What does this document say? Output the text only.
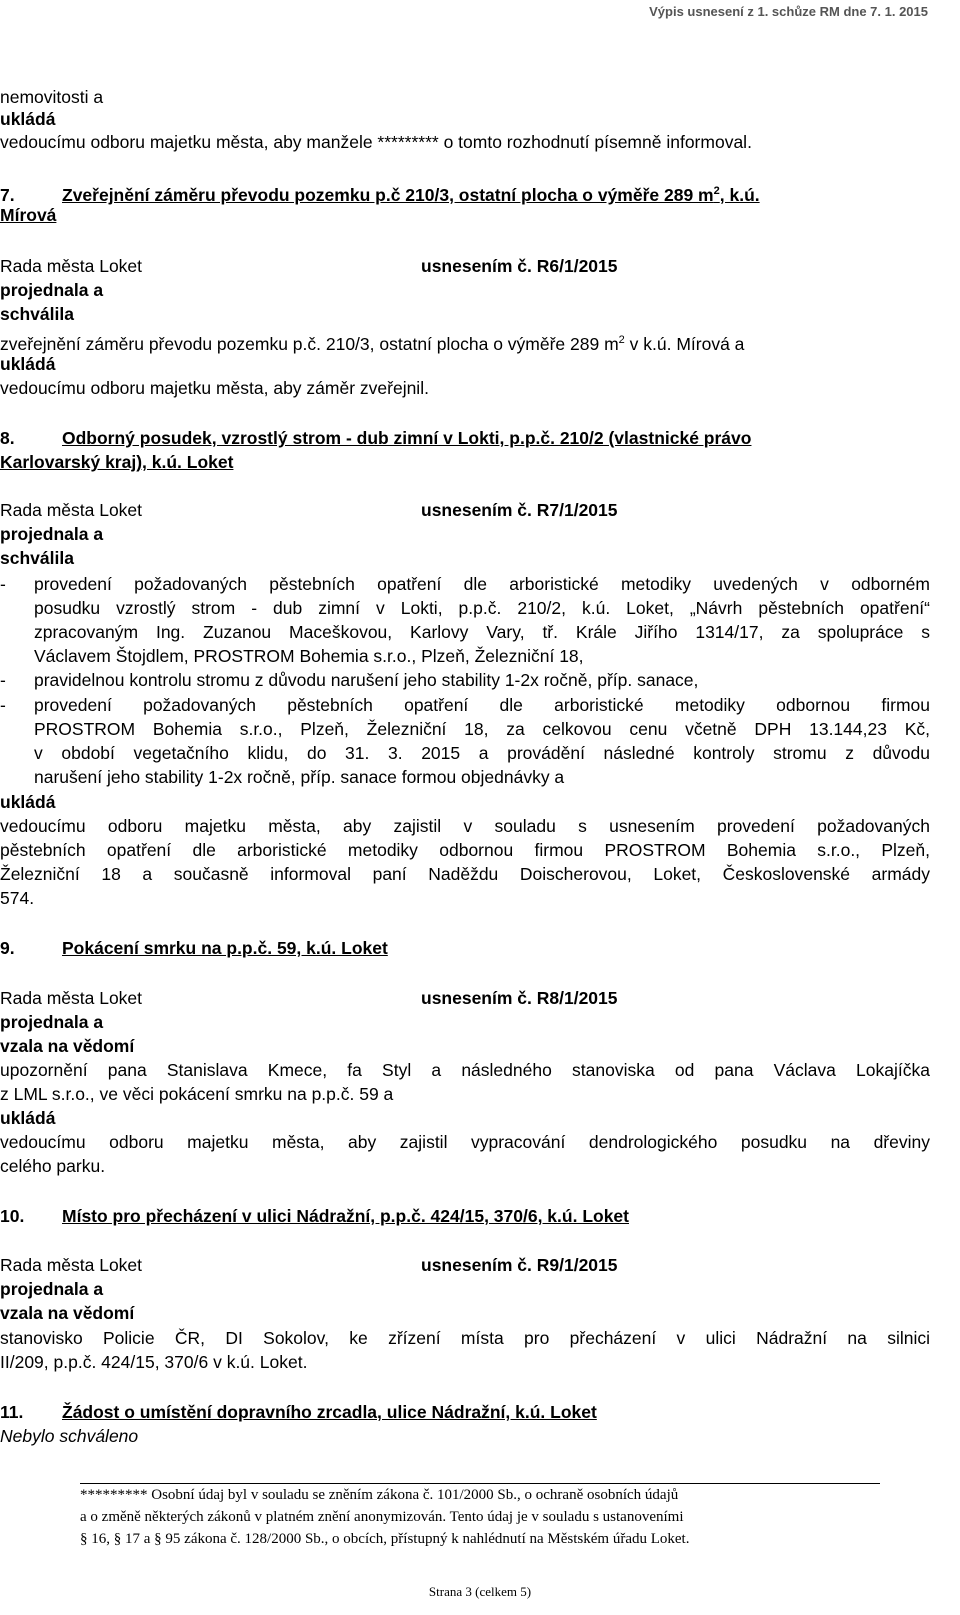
Výpis usnesení z 1. schůze RM dne 7. 1. 2015
nemovitosti a
ukládá
vedoucímu odboru majetku města, aby manžele ********* o tomto rozhodnutí písemně informoval.
7.	Zveřejnění záměru převodu pozemku p.č 210/3, ostatní plocha o výměře 289 $m^2$, k.ú.
Mírová
Rada města Loket	usnesením č. R6/1/2015
projednala a
schválila
zveřejnění záměru převodu pozemku p.č. 210/3, ostatní plocha o výměře 289 $m^2$ v k.ú. Mírová a
ukládá
vedoucímu odboru majetku města, aby záměr zveřejnil.
8.	Odborný posudek, vzrostlý strom - dub zimní v Lokti, p.p.č. 210/2 (vlastnické právo
Karlovarský kraj), k.ú. Loket
Rada města Loket	usnesením č. R7/1/2015
projednala a
schválila
- provedení požadovaných pěstebních opatření dle arboristické metodiky uvedených v odborném
posudku vzrostlý strom - dub zimní v Lokti, p.p.č. 210/2, k.ú. Loket, „Návrh pěstebních opatření“
zpracovaným Ing. Zuzanou Maceškovou, Karlovy Vary, tř. Krále Jiřího 1314/17, za spolupráce s
Václavem Štojdlem, PROSTROM Bohemia s.r.o., Plzeň, Železniční 18,
- pravidelnou kontrolu stromu z důvodu narušení jeho stability 1-2x ročně, příp. sanace,
- provedení požadovaných pěstebních opatření dle arboristické metodiky odbornou firmou
PROSTROM Bohemia s.r.o., Plzeň, Železniční 18, za celkovou cenu včetně DPH 13.144,23 Kč,
v období vegetačního klidu, do 31. 3. 2015 a provádění následné kontroly stromu z důvodu
narušení jeho stability 1-2x ročně, příp. sanace formou objednávky a
ukládá
vedoucímu odboru majetku města, aby zajistil v souladu s usnesením provedení požadovaných
pěstebních opatření dle arboristické metodiky odbornou firmou PROSTROM Bohemia s.r.o., Plzeň,
Železniční 18 a současně informoval paní Naděždu Doischerovou, Loket, Československé armády
574.
9.	Pokácení smrku na p.p.č. 59, k.ú. Loket
Rada města Loket	usnesením č. R8/1/2015
projednala a
vzala na vědomí
upozornění pana Stanislava Kmece, fa Styl a následného stanoviska od pana Václava Lokajíčka
z LML s.r.o., ve věci pokácení smrku na p.p.č. 59 a
ukládá
vedoucímu odboru majetku města, aby zajistil vypracování dendrologického posudku na dřeviny
celého parku.
10. Místo pro přecházení v ulici Nádražní, p.p.č. 424/15, 370/6, k.ú. Loket
Rada města Loket	usnesením č. R9/1/2015
projednala a
vzala na vědomí
stanovisko Policie ČR, DI Sokolov, ke zřízení místa pro přecházení v ulici Nádražní na silnici
II/209, p.p.č. 424/15, 370/6 v k.ú. Loket.
11. Žádost o umístění dopravního zrcadla, ulice Nádražní, k.ú. Loket
Nebylo schváleno
********* Osobní údaj byl v souladu se zněním zákona č. 101/2000 Sb., o ochraně osobních údajů
a o změně některých zákonů v platném znění anonymizován. Tento údaj je v souladu s ustanoveními
§ 16, § 17 a § 95 zákona č. 128/2000 Sb., o obcích, přístupný k nahlédnutí na Městském úřadu Loket.
Strana 3 (celkem 5)
